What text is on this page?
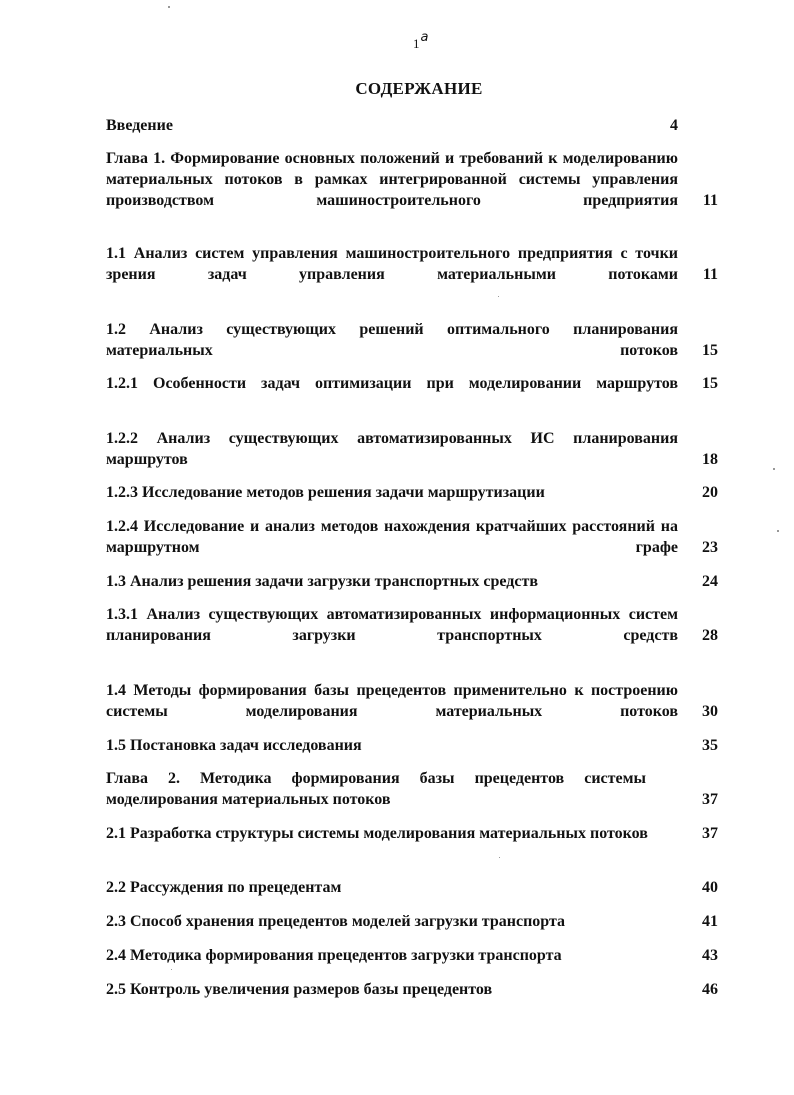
1а
СОДЕРЖАНИЕ
Введение	4
Глава 1. Формирование основных положений и требований к моделированию материальных потоков в рамках интегрированной системы управления производством машиностроительного предприятия	11
1.1 Анализ систем управления машиностроительного предприятия с точки зрения задач управления материальными потоками	11
1.2 Анализ существующих решений оптимального планирования материальных потоков	15
1.2.1 Особенности задач оптимизации при моделировании маршрутов	15
1.2.2 Анализ существующих автоматизированных ИС планирования маршрутов	18
1.2.3 Исследование методов решения задачи маршрутизации	20
1.2.4 Исследование и анализ методов нахождения кратчайших расстояний на маршрутном графе	23
1.3 Анализ решения задачи загрузки транспортных средств	24
1.3.1 Анализ существующих автоматизированных информационных систем планирования загрузки транспортных средств	28
1.4 Методы формирования базы прецедентов применительно к построению системы моделирования материальных потоков	30
1.5 Постановка задач исследования	35
Глава 2. Методика формирования базы прецедентов системы моделирования материальных потоков	37
2.1 Разработка структуры системы моделирования материальных потоков	37
2.2 Рассуждения по прецедентам	40
2.3 Способ хранения прецедентов моделей загрузки транспорта	41
2.4 Методика формирования прецедентов загрузки транспорта	43
2.5 Контроль увеличения размеров базы прецедентов	46
